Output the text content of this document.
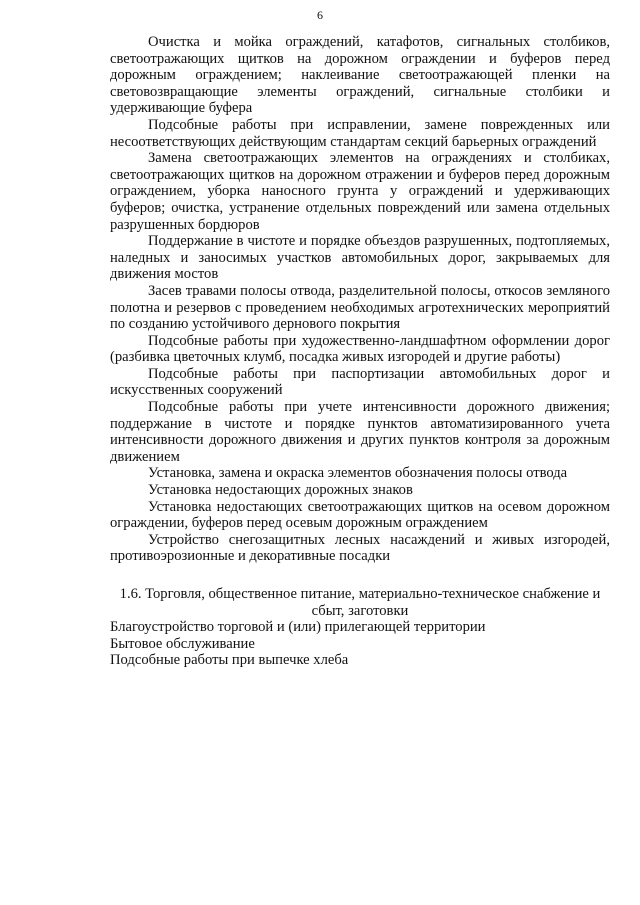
6

Очистка и мойка ограждений, катафотов, сигнальных столбиков, светоотражающих щитков на дорожном ограждении и буферов перед дорожным ограждением; наклеивание светоотражающей пленки на световозвращающие элементы ограждений, сигнальные столбики и удерживающие буфера

Подсобные работы при исправлении, замене поврежденных или несоответствующих действующим стандартам секций барьерных ограждений

Замена светоотражающих элементов на ограждениях и столбиках, светоотражающих щитков на дорожном отражении и буферов перед дорожным ограждением, уборка наносного грунта у ограждений и удерживающих буферов; очистка, устранение отдельных повреждений или замена отдельных разрушенных бордюров

Поддержание в чистоте и порядке объездов разрушенных, подтопляемых, наледных и заносимых участков автомобильных дорог, закрываемых для движения мостов

Засев травами полосы отвода, разделительной полосы, откосов земляного полотна и резервов с проведением необходимых агротехнических мероприятий по созданию устойчивого дернового покрытия

Подсобные работы при художественно-ландшафтном оформлении дорог (разбивка цветочных клумб, посадка живых изгородей и другие работы)

Подсобные работы при паспортизации автомобильных дорог и искусственных сооружений

Подсобные работы при учете интенсивности дорожного движения; поддержание в чистоте и порядке пунктов автоматизированного учета интенсивности дорожного движения и других пунктов контроля за дорожным движением

Установка, замена и окраска элементов обозначения полосы отвода

Установка недостающих дорожных знаков

Установка недостающих светоотражающих щитков на осевом дорожном ограждении, буферов перед осевым дорожным ограждением

Устройство снегозащитных лесных насаждений и живых изгородей, противоэрозионные и декоративные посадки

1.6. Торговля, общественное питание, материально-техническое снабжение и сбыт, заготовки

Благоустройство торговой и (или) прилегающей территории

Бытовое обслуживание

Подсобные работы при выпечке хлеба
